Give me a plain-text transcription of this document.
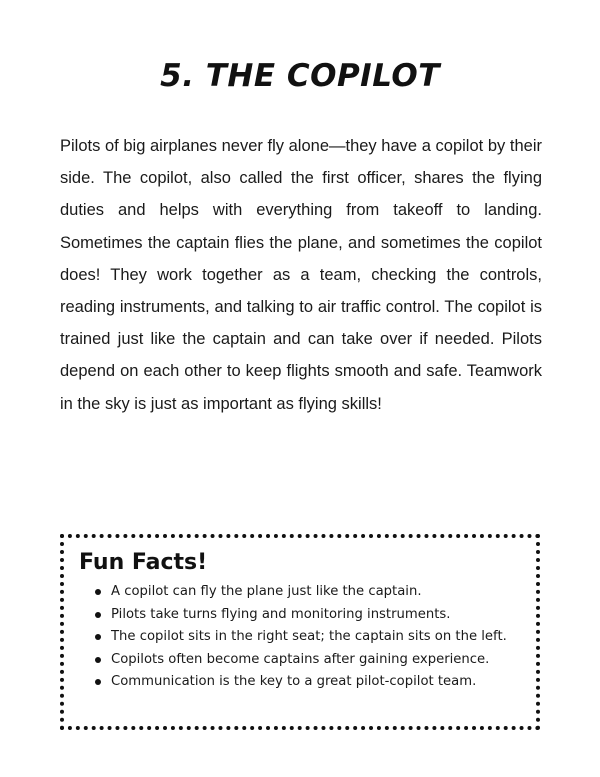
5. THE COPILOT

Pilots of big airplanes never fly alone—they have a copilot by their side. The copilot, also called the first officer, shares the flying duties and helps with everything from takeoff to landing. Sometimes the captain flies the plane, and sometimes the copilot does! They work together as a team, checking the controls, reading instruments, and talking to air traffic control. The copilot is trained just like the captain and can take over if needed. Pilots depend on each other to keep flights smooth and safe. Teamwork in the sky is just as important as flying skills!

Fun Facts!
A copilot can fly the plane just like the captain.
Pilots take turns flying and monitoring instruments.
The copilot sits in the right seat; the captain sits on the left.
Copilots often become captains after gaining experience.
Communication is the key to a great pilot-copilot team.
